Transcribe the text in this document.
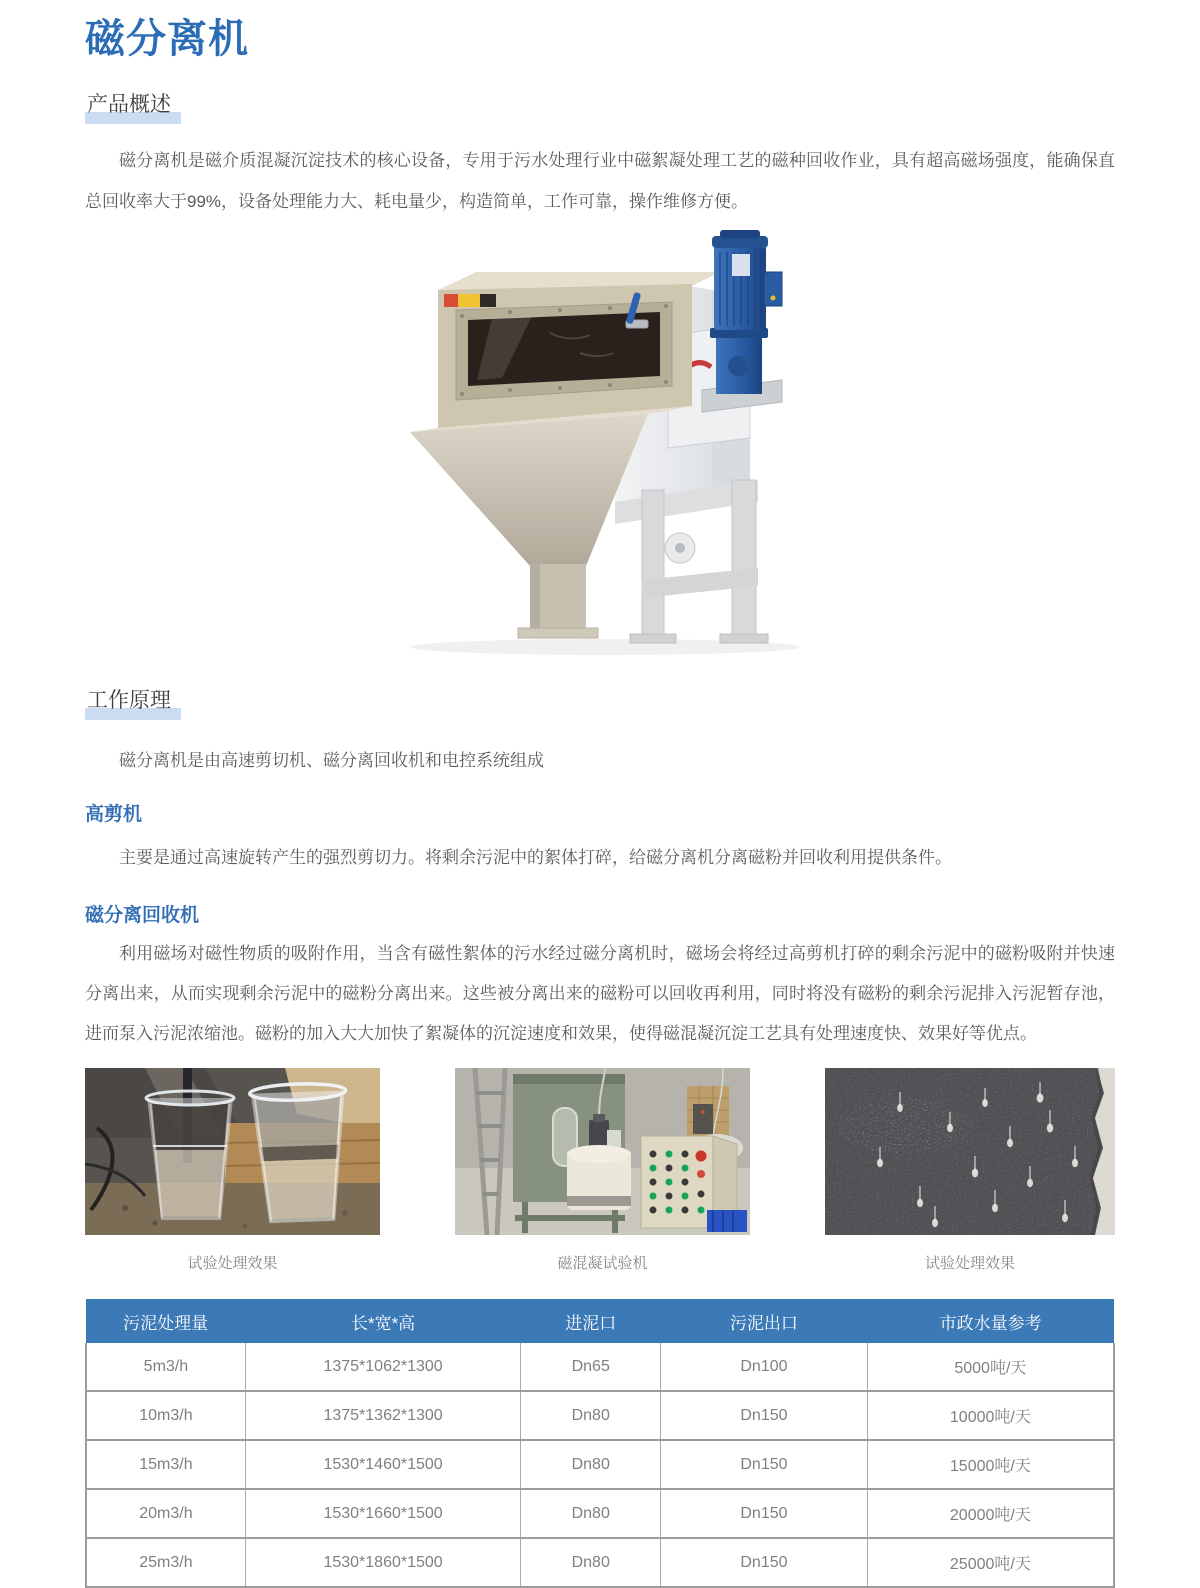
磁分离机
产品概述

磁分离机是磁介质混凝沉淀技术的核心设备，专用于污水处理行业中磁絮凝处理工艺的磁种回收作业，具有超高磁场强度，能确保直总回收率大于99%，设备处理能力大、耗电量少，构造简单，工作可靠，操作维修方便。

工作原理

磁分离机是由高速剪切机、磁分离回收机和电控系统组成

高剪机

主要是通过高速旋转产生的强烈剪切力。将剩余污泥中的絮体打碎，给磁分离机分离磁粉并回收利用提供条件。

磁分离回收机

利用磁场对磁性物质的吸附作用，当含有磁性絮体的污水经过磁分离机时，磁场会将经过高剪机打碎的剩余污泥中的磁粉吸附并快速分离出来，从而实现剩余污泥中的磁粉分离出来。这些被分离出来的磁粉可以回收再利用，同时将没有磁粉的剩余污泥排入污泥暂存池，进而泵入污泥浓缩池。磁粉的加入大大加快了絮凝体的沉淀速度和效果，使得磁混凝沉淀工艺具有处理速度快、效果好等优点。

试验处理效果	磁混凝试验机	试验处理效果
污泥处理量	长*宽*高	进泥口	污泥出口	市政水量参考
5m3/h	1375*1062*1300	Dn65	Dn100	5000吨/天
10m3/h	1375*1362*1300	Dn80	Dn150	10000吨/天
15m3/h	1530*1460*1500	Dn80	Dn150	15000吨/天
20m3/h	1530*1660*1500	Dn80	Dn150	20000吨/天
25m3/h	1530*1860*1500	Dn80	Dn150	25000吨/天
